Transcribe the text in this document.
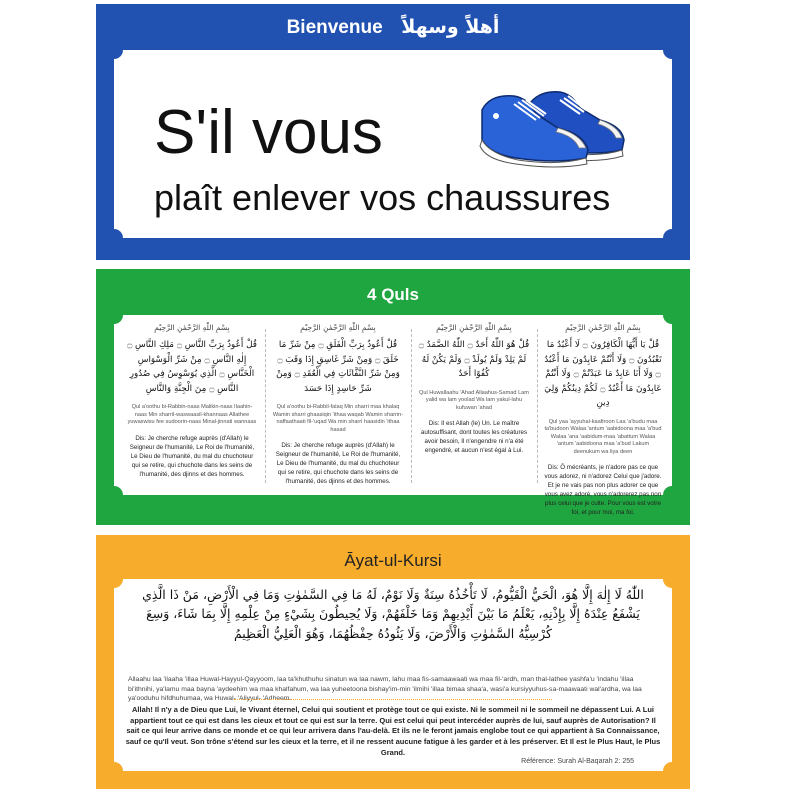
Bienvenue أهلاً وسهلاً
S'il vous
plaît enlever vos chaussures
4 Quls
بِسْمِ اللّٰهِ الرَّحْمٰنِ الرَّحِيْمِ
قُلْ أَعُوذُ بِرَبِّ النَّاسِ ۝ مَلِكِ النَّاسِ ۝ إِلٰهِ النَّاسِ ۝ مِنْ شَرِّ الْوَسْوَاسِ الْخَنَّاسِ ۝ الَّذِي يُوَسْوِسُ فِي صُدُورِ النَّاسِ ۝ مِنَ الْجِنَّةِ وَالنَّاسِ
Qul a'oothu bi-Rabbin-naas Malikin-naas Ilaahin-naas Min sharril-waswaasil-khannaas Allathee yuwaswisu fee sudoorin-naas Minal-jinnati wannaas
Dis: Je cherche refuge auprès (d'Allah) le Seigneur de l'humanité, Le Roi de l'humanité, Le Dieu de l'humanité, du mal du chuchoteur qui se retire, qui chuchote dans les seins de l'humanité, des djinns et des hommes.
بِسْمِ اللّٰهِ الرَّحْمٰنِ الرَّحِيْمِ
قُلْ أَعُوذُ بِرَبِّ الْفَلَقِ ۝ مِنْ شَرِّ مَا خَلَقَ ۝ وَمِنْ شَرِّ غَاسِقٍ إِذَا وَقَبَ ۝ وَمِنْ شَرِّ النَّفَّاثَاتِ فِي الْعُقَدِ ۝ وَمِنْ شَرِّ حَاسِدٍ إِذَا حَسَدَ
Qul a'oothu bi-Rabbil-falaq Min sharri maa khalaq Wamin sharri ghaasiqin 'ithaa waqab Wamin sharrin-naffaathaati fil-'uqad Wa min sharri haasidin 'ithaa hasad
Dis: Je cherche refuge auprès (d'Allah) le Seigneur de l'humanité, Le Roi de l'humanité, Le Dieu de l'humanité, du mal du chuchoteur qui se retire, qui chuchote dans les seins de l'humanité, des djinns et des hommes.
بِسْمِ اللّٰهِ الرَّحْمٰنِ الرَّحِيْمِ
قُلْ هُوَ اللّٰهُ أَحَدٌ ۝ اللّٰهُ الصَّمَدُ ۝ لَمْ يَلِدْ وَلَمْ يُولَدْ ۝ وَلَمْ يَكُنْ لَهُ كُفُوًا أَحَدٌ
Qul Huwallaahu 'Ahad Allaahus-Samad Lam yalid wa lam yoolad Wa lam yakul-lahu kufuwan 'ahad
Dis: Il est Allah (le) Un. Le maître autosuffisant, dont toutes les créatures avoir besoin, Il n'engendre ni n'a été engendré, et aucun n'est égal à Lui.
بِسْمِ اللّٰهِ الرَّحْمٰنِ الرَّحِيْمِ
قُلْ يَا أَيُّهَا الْكَافِرُونَ ۝ لَا أَعْبُدُ مَا تَعْبُدُونَ ۝ وَلَا أَنْتُمْ عَابِدُونَ مَا أَعْبُدُ ۝ وَلَا أَنَا عَابِدٌ مَا عَبَدْتُمْ ۝ وَلَا أَنْتُمْ عَابِدُونَ مَا أَعْبُدُ ۝ لَكُمْ دِينُكُمْ وَلِيَ دِينِ
Qul yaa 'ayyuhal-kaafiroon Laa 'a'budu maa ta'budoon Walaa 'antum 'aabidoona maa 'a'bud Walaa 'ana 'aabidum-maa 'abattum Walaa 'antum 'aabidoona maa 'a'bud Lakum deenukum wa liya deen
Dis: Ô mécréants, je n'adore pas ce que vous adorez, ni n'adorez Celui que j'adore. Et je ne vais pas non plus adorer ce que vous avez adoré, vous n'adorerez pas non plus celui que je culte. Pour vous est votre foi, et pour moi, ma foi.
Āyat-ul-Kursi
اللّٰهُ لَا إِلٰهَ إِلَّا هُوَ، الْحَيُّ الْقَيُّومُ، لَا تَأْخُذُهُ سِنَةٌ وَلَا نَوْمٌ، لَهُ مَا فِي السَّمٰوٰتِ وَمَا فِي الْأَرْضِ، مَنْ ذَا الَّذِي يَشْفَعُ عِنْدَهُ إِلَّا بِإِذْنِهِ، يَعْلَمُ مَا بَيْنَ أَيْدِيهِمْ وَمَا خَلْفَهُمْ، وَلَا يُحِيطُونَ بِشَيْءٍ مِنْ عِلْمِهِ إِلَّا بِمَا شَاءَ، وَسِعَ كُرْسِيُّهُ السَّمٰوٰتِ وَالْأَرْضَ، وَلَا يَئُودُهُ حِفْظُهُمَا، وَهُوَ الْعَلِيُّ الْعَظِيمُ
Allaahu laa 'ilaaha 'illaa Huwal-Hayyul-Qayyoom, laa ta'khuthuhu sinatun wa laa nawm, lahu maa fis-samaawaati wa maa fil-'ardh, man thal-lathee yashfa'u 'indahu 'illaa bi'ithnihi, ya'lamu maa bayna 'aydeehim wa maa khalfahum, wa laa yuheetoona bishay'im-min 'ilmihi 'illaa bimaa shaa'a, wasi'a kursiyyuhus-sa-maawaati wal'ardha, wa laa ya'ooduhu hifdhuhumaa, wa Huwal- 'Aliyyul- 'Adheem.
Allah! Il n'y a de Dieu que Lui, le Vivant éternel, Celui qui soutient et protège tout ce qui existe. Ni le sommeil ni le sommeil ne dépassent Lui. A Lui appartient tout ce qui est dans les cieux et tout ce qui est sur la terre. Qui est celui qui peut intercéder auprès de lui, sauf auprès de Autorisation? Il sait ce qui leur arrive dans ce monde et ce qui leur arrivera dans l'au-delà. Et ils ne le feront jamais englobe tout ce qui appartient à Sa Connaissance, sauf ce qu'Il veut. Son trône s'étend sur les cieux et la terre, et il ne ressent aucune fatigue à les garder et à les préserver. Et Il est le Plus Haut, le Plus Grand.
Référence: Surah Al-Baqarah 2: 255
